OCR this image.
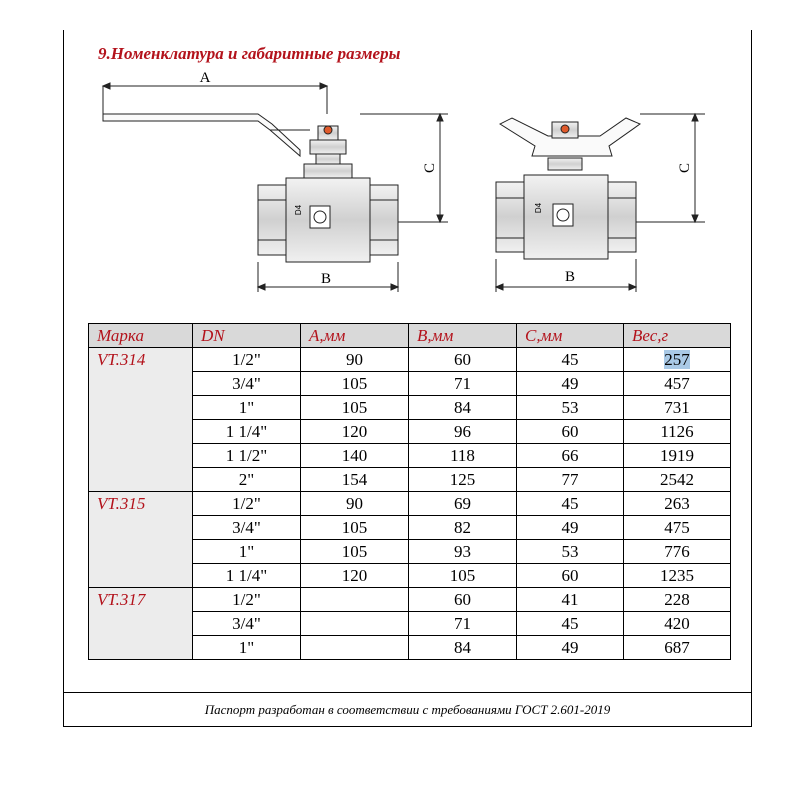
9.Номенклатура и габаритные размеры
A
B
C
B
C
D4	D4
Марка	DN	А,мм	В,мм	С,мм	Вес,г
VT.314	1/2"	90	60	45	257
	3/4"	105	71	49	457
	1"	105	84	53	731
	1 1/4"	120	96	60	1126
	1 1/2"	140	118	66	1919
	2"	154	125	77	2542
VT.315	1/2"	90	69	45	263
	3/4"	105	82	49	475
	1"	105	93	53	776
	1 1/4"	120	105	60	1235
VT.317	1/2"		60	41	228
	3/4"		71	45	420
	1"		84	49	687
Паспорт разработан в соответствии с требованиями ГОСТ 2.601-2019
